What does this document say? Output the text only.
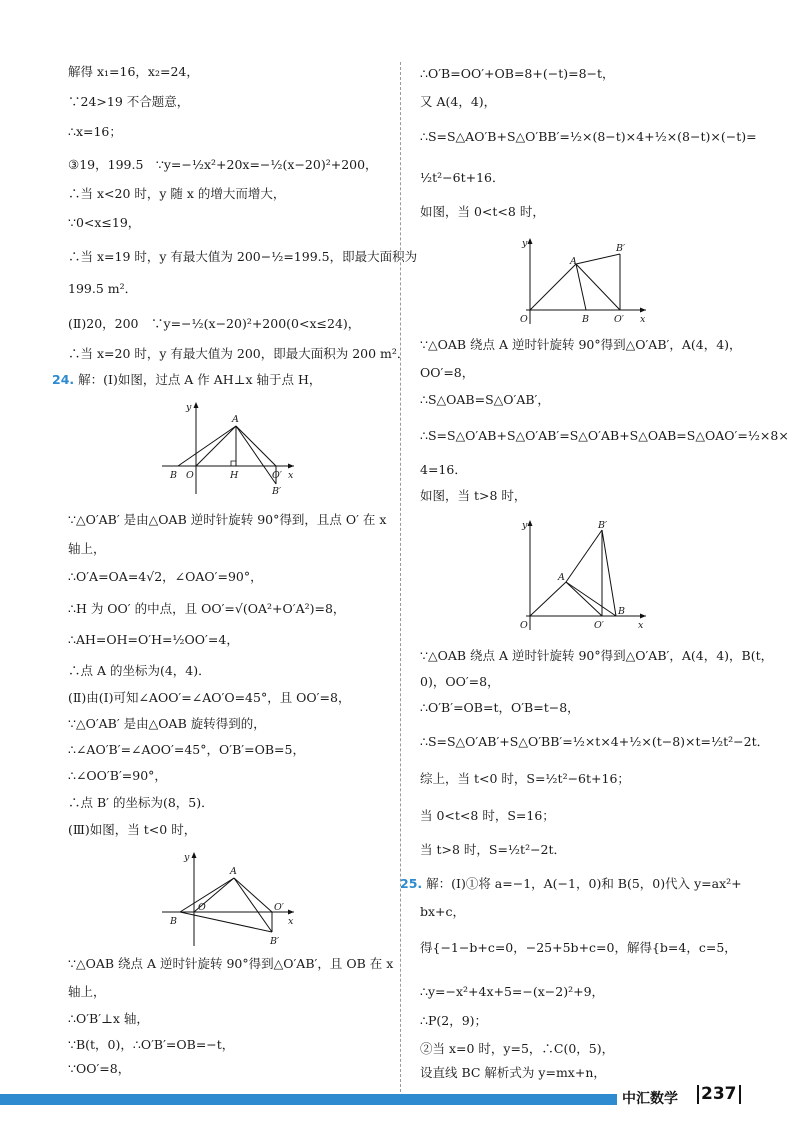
解得 x₁=16，x₂=24，
∵24>19 不合题意，
∴x=16；
③19，199.5　∵y=−½x²+20x=−½(x−20)²+200，
∴当 x<20 时，y 随 x 的增大而增大，
∵0<x≤19，
∴当 x=19 时，y 有最大值为 200−½=199.5，即最大面积为
199.5 m²．
(Ⅱ)20，200　∵y=−½(x−20)²+200(0<x≤24)，
∴当 x=20 时，y 有最大值为 200，即最大面积为 200 m²．
∵△O′AB′ 是由△OAB 逆时针旋转 90°得到，且点 O′ 在 x
轴上，
∴O′A=OA=4√2，∠OAO′=90°，
∴H 为 OO′ 的中点，且 OO′=√(OA²+O′A²)=8，
∴AH=OH=O′H=½OO′=4，
∴点 A 的坐标为(4，4)．
(Ⅱ)由(Ⅰ)可知∠AOO′=∠AO′O=45°，且 OO′=8，
∵△O′AB′ 是由△OAB 旋转得到的，
∴∠AO′B′=∠AOO′=45°，O′B′=OB=5，
∴∠OO′B′=90°，
∴点 B′ 的坐标为(8，5)．
(Ⅲ)如图，当 t<0 时，
∵△OAB 绕点 A 逆时针旋转 90°得到△O′AB′，且 OB 在 x
轴上，
∴O′B′⊥x 轴，
∵B(t，0)，∴O′B′=OB=−t，
∵OO′=8，
∴O′B=OO′+OB=8+(−t)=8−t，
又 A(4，4)，
∴S=S△AO′B+S△O′BB′=½×(8−t)×4+½×(8−t)×(−t)=
½t²−6t+16．
如图，当 0<t<8 时，
∵△OAB 绕点 A 逆时针旋转 90°得到△O′AB′，A(4，4)，
OO′=8，
∴S△OAB=S△O′AB′，
∴S=S△O′AB+S△O′AB′=S△O′AB+S△OAB=S△OAO′=½×8×
4=16．
如图，当 t>8 时，
∵△OAB 绕点 A 逆时针旋转 90°得到△O′AB′，A(4，4)，B(t，
0)，OO′=8，
∴O′B′=OB=t，O′B=t−8，
∴S=S△O′AB′+S△O′BB′=½×t×4+½×(t−8)×t=½t²−2t．
综上，当 t<0 时，S=½t²−6t+16；
当 0<t<8 时，S=16；
当 t>8 时，S=½t²−2t．
bx+c，
得{−1−b+c=0，−25+5b+c=0，解得{b=4，c=5，
∴y=−x²+4x+5=−(x−2)²+9，
∴P(2，9)；
②当 x=0 时，y=5，∴C(0，5)，
设直线 BC 解析式为 y=mx+n，
24. 解：(Ⅰ)如图，过点 A 作 AH⊥x 轴于点 H，
25. 解：(Ⅰ)①将 a=−1，A(−1，0)和 B(5，0)代入 y=ax²+
y
x
A
B O	H	O′
B′
y
x
A
B
O	O′
B′
y
x
A
B
O	O′
B′
y
x
A
B
O	O′
B′
中汇数学 237
